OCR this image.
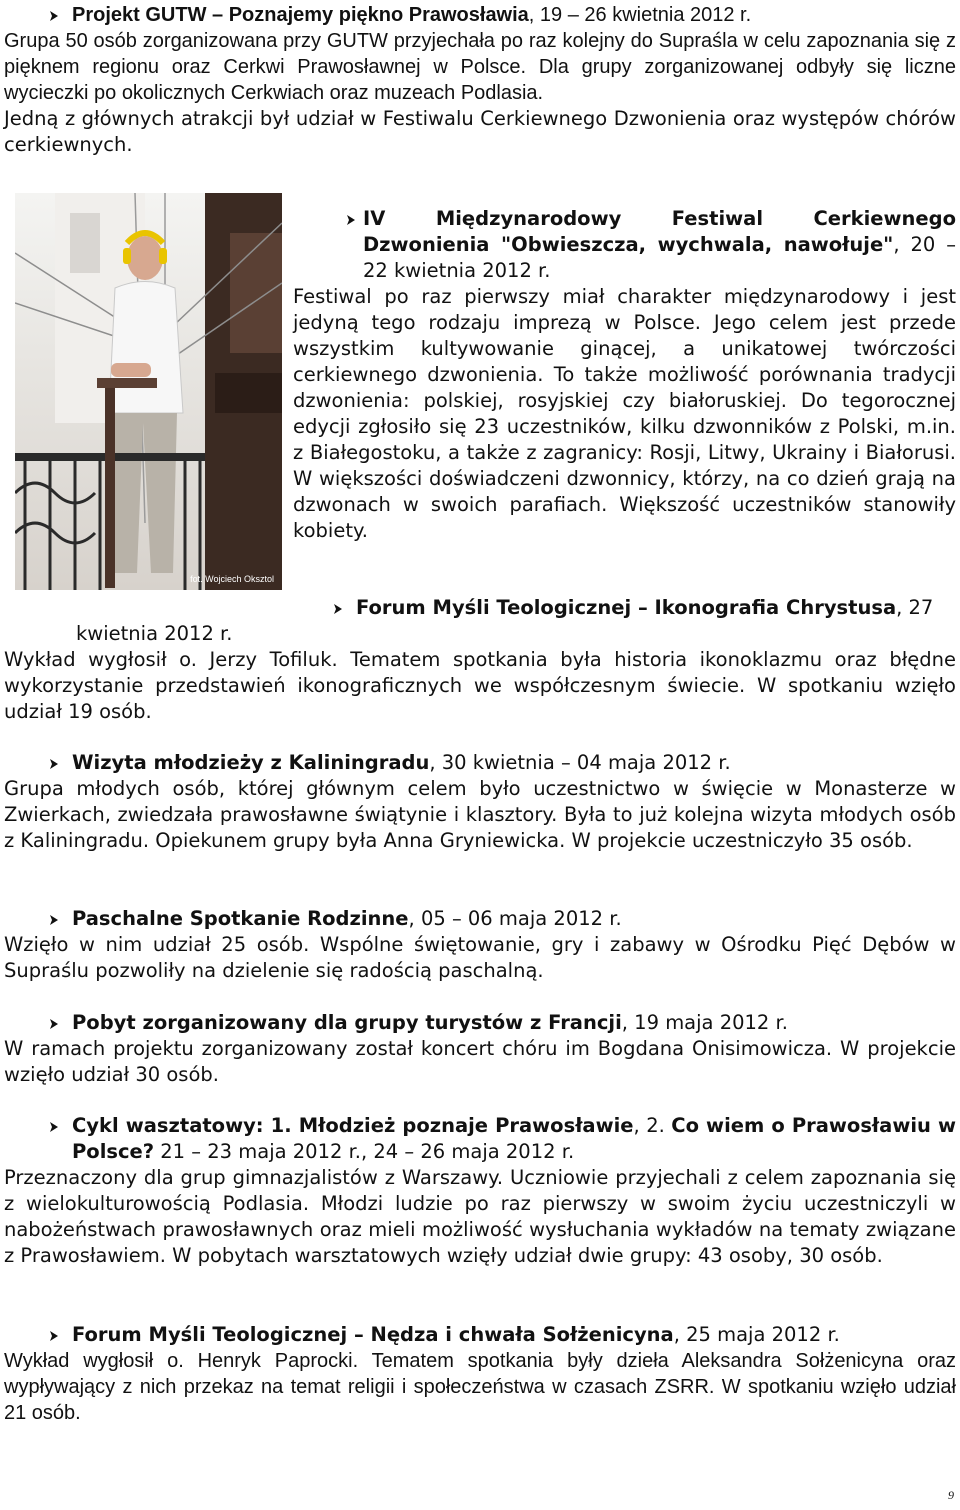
Projekt GUTW – Poznajemy piękno Prawosławia, 19 – 26 kwietnia 2012 r.

Grupa 50 osób zorganizowana przy GUTW przyjechała po raz kolejny do Supraśla w celu zapoznania się z pięknem regionu oraz Cerkwi Prawosławnej w Polsce. Dla grupy zorganizowanej odbyły się liczne wycieczki po okolicznych Cerkwiach oraz muzeach Podlasia.

Jedną z głównych atrakcji był udział w Festiwalu Cerkiewnego Dzwonienia oraz występów chórów cerkiewnych.

fot. Wojciech Oksztol
IV Międzynarodowy Festiwal Cerkiewnego Dzwonienia "Obwieszcza, wychwala, nawołuje", 20 – 22 kwietnia 2012 r.

Festiwal po raz pierwszy miał charakter międzynarodowy i jest jedyną tego rodzaju imprezą w Polsce. Jego celem jest przede wszystkim kultywowanie ginącej, a unikatowej twórczości cerkiewnego dzwonienia. To także możliwość porównania tradycji dzwonienia: polskiej, rosyjskiej czy białoruskiej. Do tegorocznej edycji zgłosiło się 23 uczestników, kilku dzwonników z Polski, m.in. z Białegostoku, a także z zagranicy: Rosji, Litwy, Ukrainy i Białorusi. W większości doświadczeni dzwonnicy, którzy, na co dzień grają na dzwonach w swoich parafiach. Większość uczestników stanowiły kobiety.

Forum Myśli Teologicznej – Ikonografia Chrystusa, 27
kwietnia 2012 r.

Wykład wygłosił o. Jerzy Tofiluk. Tematem spotkania była historia ikonoklazmu oraz błędne wykorzystanie przedstawień ikonograficznych we współczesnym świecie. W spotkaniu wzięło udział 19 osób.

Wizyta młodzieży z Kaliningradu, 30 kwietnia – 04 maja 2012 r.

Grupa młodych osób, której głównym celem było uczestnictwo w święcie w Monasterze w Zwierkach, zwiedzała prawosławne świątynie i klasztory. Była to już kolejna wizyta młodych osób z Kaliningradu. Opiekunem grupy była Anna Gryniewicka. W projekcie uczestniczyło 35 osób.

Paschalne Spotkanie Rodzinne, 05 – 06 maja 2012 r.

Wzięło w nim udział 25 osób. Wspólne świętowanie, gry i zabawy w Ośrodku Pięć Dębów w Supraślu pozwoliły na dzielenie się radością paschalną.

Pobyt zorganizowany dla grupy turystów z Francji, 19 maja 2012 r.

W ramach projektu zorganizowany został koncert chóru im Bogdana Onisimowicza. W projekcie wzięło udział 30 osób.

Cykl wasztatowy: 1. Młodzież poznaje Prawosławie, 2. Co wiem o Prawosławiu w Polsce? 21 – 23 maja 2012 r., 24 – 26 maja 2012 r.

Przeznaczony dla grup gimnazjalistów z Warszawy. Uczniowie przyjechali z celem zapoznania się z wielokulturowością Podlasia. Młodzi ludzie po raz pierwszy w swoim życiu uczestniczyli w nabożeństwach prawosławnych oraz mieli możliwość wysłuchania wykładów na tematy związane z Prawosławiem. W pobytach warsztatowych wzięły udział dwie grupy: 43 osoby, 30 osób.

Forum Myśli Teologicznej – Nędza i chwała Sołżenicyna, 25 maja 2012 r.

Wykład wygłosił o. Henryk Paprocki. Tematem spotkania były dzieła Aleksandra Sołżenicyna oraz wypływający z nich przekaz na temat religii i społeczeństwa w czasach ZSRR. W spotkaniu wzięło udział 21 osób.

9
